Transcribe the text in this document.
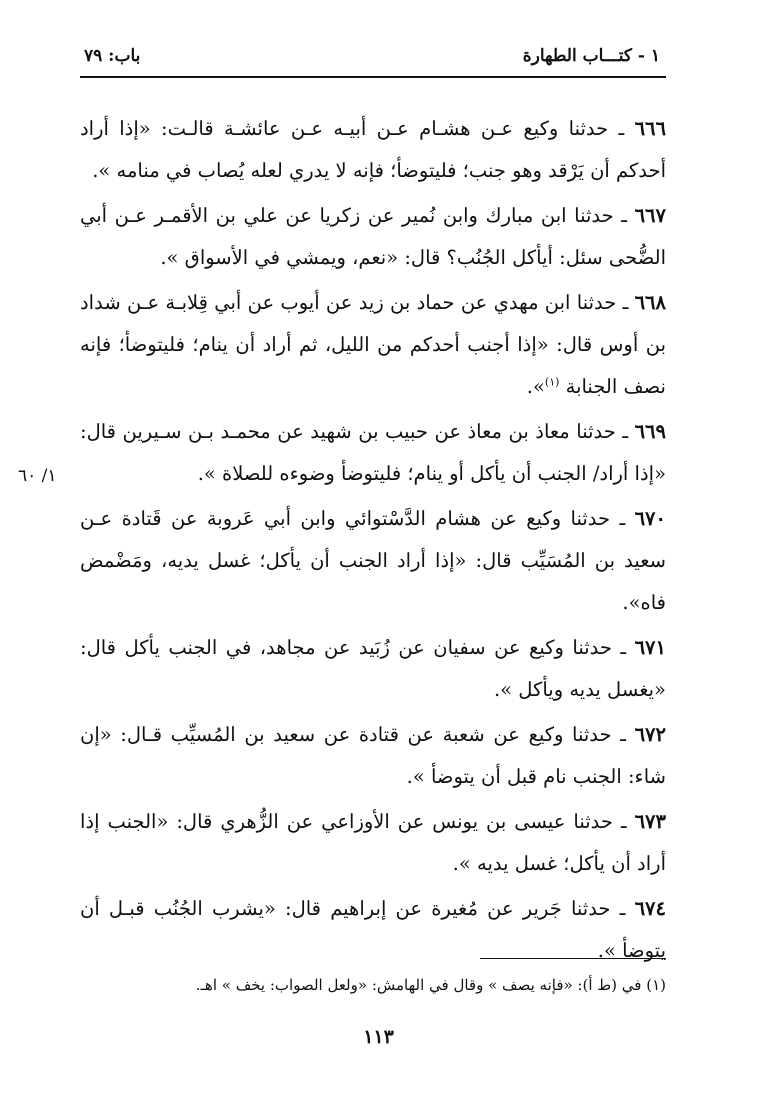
١ - كتـــاب الطهارة
باب: ٧٩

٦٦٦ ـ حدثنا وكيع عـن هشـام عـن أبيـه عـن عائشـة قالـت: «إذا أراد أحدكم أن يَرْقد وهو جنب؛ فليتوضأ؛ فإنه لا يدري لعله يُصاب في منامه ».

٦٦٧ ـ حدثنا ابن مبارك وابن نُمير عن زكريا عن علي بن الأقمـر عـن أبي الضُّحى سئل: أيأكل الجُنُب؟ قال: «نعم، ويمشي في الأسواق ».

٦٦٨ ـ حدثنا ابن مهدي عن حماد بن زيد عن أيوب عن أبي قِلابـة عـن شداد بن أوس قال: «إذا أجنب أحدكم من الليل، ثم أراد أن ينام؛ فليتوضأ؛ فإنه نصف الجنابة $^{(١)}$».

٦٦٩ ـ حدثنا معاذ بن معاذ عن حبيب بن شهيد عن محمـد بـن سـيرين قال: «إذا أراد/ الجنب أن يأكل أو ينام؛ فليتوضأ وضوءه للصلاة ».

٦٧٠ ـ حدثنا وكيع عن هشام الدَّسْتوائي وابن أبي عَروبة عن قَتادة عـن سعيد بن المُسَيِّب قال: «إذا أراد الجنب أن يأكل؛ غسل يديه، ومَضْمض فاه».

٦٧١ ـ حدثنا وكيع عن سفيان عن زُبَيد عن مجاهد، في الجنب يأكل قال: «يغسل يديه ويأكل ».

٦٧٢ ـ حدثنا وكيع عن شعبة عن قتادة عن سعيد بن المُسيِّب قـال: «إن شاء: الجنب نام قبل أن يتوضأ ».

٦٧٣ ـ حدثنا عيسى بن يونس عن الأوزاعي عن الزُّهري قال: «الجنب إذا أراد أن يأكل؛ غسل يديه ».

٦٧٤ ـ حدثنا جَرير عن مُغيرة عن إبراهيم قال: «يشرب الجُنُب قبـل أن يتوضأ ».

١/ ٦٠
(١) في (ط أ): «فإنه يصف » وقال في الهامش: «ولعل الصواب: يخف » اهـ.
١١٣
